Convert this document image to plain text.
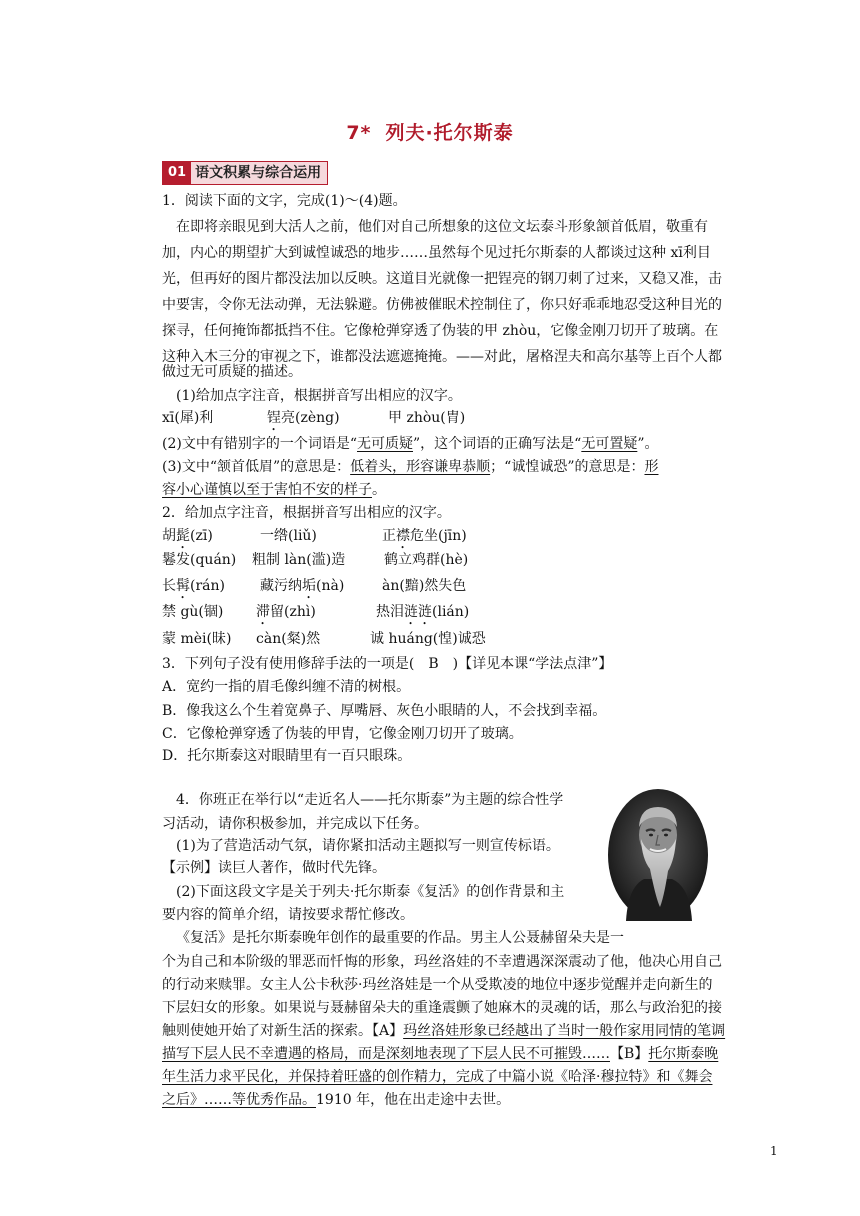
7* 列夫·托尔斯泰
01 语文积累与综合运用
1．阅读下面的文字，完成(1)～(4)题。
在即将亲眼见到大活人之前，他们对自己所想象的这位文坛泰斗形象颔首低眉，敬重有
加，内心的期望扩大到诚惶诚恐的地步……虽然每个见过托尔斯泰的人都谈过这种 xī利目
光，但再好的图片都没法加以反映。这道目光就像一把锃亮的钢刀刺了过来，又稳又准，击
中要害，令你无法动弹，无法躲避。仿佛被催眠术控制住了，你只好乖乖地忍受这种目光的
探寻，任何掩饰都抵挡不住。它像枪弹穿透了伪装的甲 zhòu，它像金刚刀切开了玻璃。在
这种入木三分的审视之下，谁都没法遮遮掩掩。——对此，屠格涅夫和高尔基等上百个人都
做过无可质疑的描述。
(1)给加点字注音，根据拼音写出相应的汉字。
xī(犀)利	锃亮(zèng)	甲 zhòu(胄)
(2)文中有错别字的一个词语是“无可质疑”，这个词语的正确写法是“无可置疑”。
(3)文中“颔首低眉”的意思是：低着头，形容谦卑恭顺；“诚惶诚恐”的意思是：形
容小心谨慎以至于害怕不安的样子。
2．给加点字注音，根据拼音写出相应的汉字。
胡髭(zī)	一绺(liǔ)	正襟危坐(jīn)
鬈发(quán) 粗制 làn(滥)造	鹤立鸡群(hè)
长髯(rán)	藏污纳垢(nà)	àn(黯)然失色
禁 gù(锢) 滞留(zhì)	热泪涟涟(lián)
蒙 mèi(昧) càn(粲)然	诚 huáng(惶)诚恐
3．下列句子没有使用修辞手法的一项是(　B　)【详见本课“学法点津”】
A．宽约一指的眉毛像纠缠不清的树根。
B．像我这么个生着宽鼻子、厚嘴唇、灰色小眼睛的人，不会找到幸福。
C．它像枪弹穿透了伪装的甲胄，它像金刚刀切开了玻璃。
D．托尔斯泰这对眼睛里有一百只眼珠。
4．你班正在举行以“走近名人——托尔斯泰”为主题的综合性学
习活动，请你积极参加，并完成以下任务。
(1)为了营造活动气氛，请你紧扣活动主题拟写一则宣传标语。
【示例】读巨人著作，做时代先锋。
(2)下面这段文字是关于列夫·托尔斯泰《复活》的创作背景和主
要内容的简单介绍，请按要求帮忙修改。
《复活》是托尔斯泰晚年创作的最重要的作品。男主人公聂赫留朵夫是一
个为自己和本阶级的罪恶而忏悔的形象，玛丝洛娃的不幸遭遇深深震动了他，他决心用自己
的行动来赎罪。女主人公卡秋莎·玛丝洛娃是一个从受欺凌的地位中逐步觉醒并走向新生的
下层妇女的形象。如果说与聂赫留朵夫的重逢震颤了她麻木的灵魂的话，那么与政治犯的接
触则使她开始了对新生活的探索。【A】玛丝洛娃形象已经越出了当时一般作家用同情的笔调
描写下层人民不幸遭遇的格局，而是深刻地表现了下层人民不可摧毁……【B】托尔斯泰晚
年生活力求平民化，并保持着旺盛的创作精力，完成了中篇小说《哈泽·穆拉特》和《舞会
之后》……等优秀作品。1910 年，他在出走途中去世。
1
